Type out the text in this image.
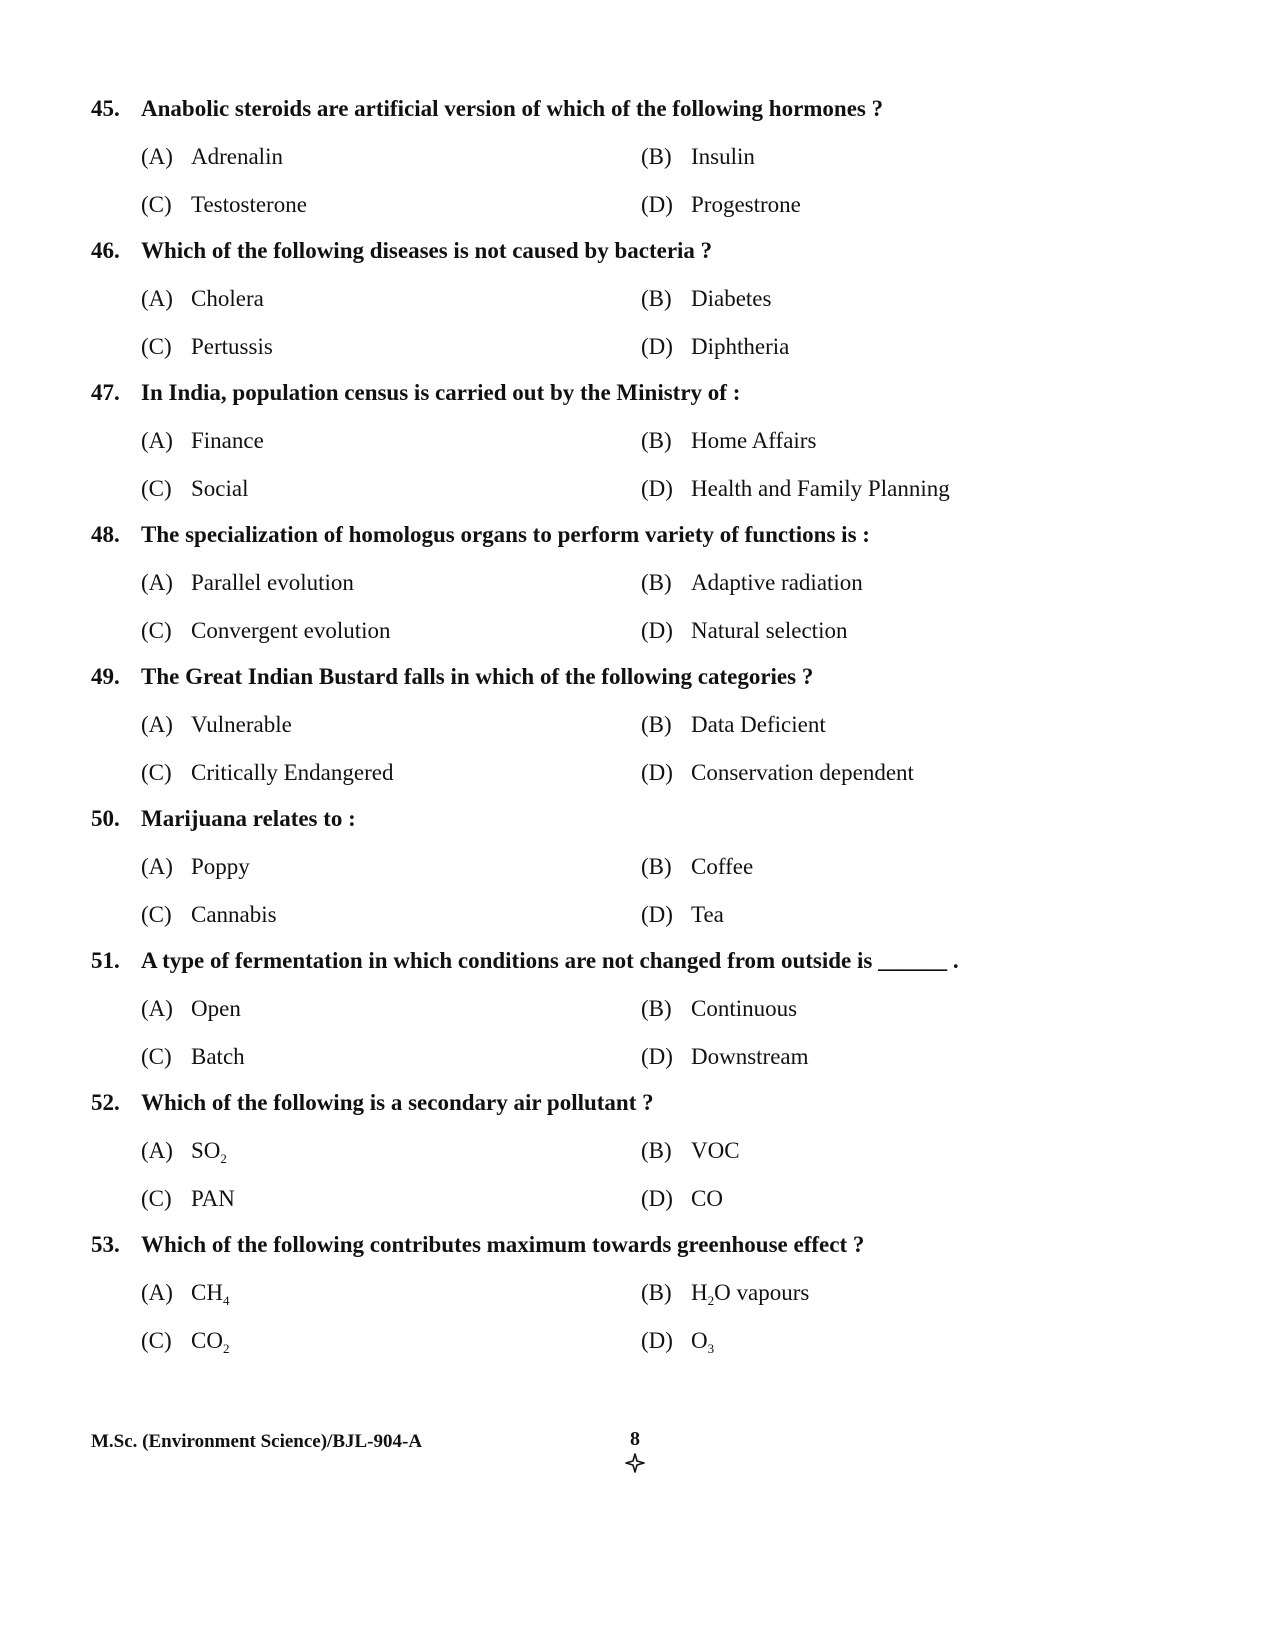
45. Anabolic steroids are artificial version of which of the following hormones ?
(A) Adrenalin	(B) Insulin
(C) Testosterone	(D) Progestrone
46. Which of the following diseases is not caused by bacteria ?
(A) Cholera	(B) Diabetes
(C) Pertussis	(D) Diphtheria
47. In India, population census is carried out by the Ministry of :
(A) Finance	(B) Home Affairs
(C) Social	(D) Health and Family Planning
48. The specialization of homologus organs to perform variety of functions is :
(A) Parallel evolution	(B) Adaptive radiation
(C) Convergent evolution	(D) Natural selection
49. The Great Indian Bustard falls in which of the following categories ?
(A) Vulnerable	(B) Data Deficient
(C) Critically Endangered	(D) Conservation dependent
50. Marijuana relates to :
(A) Poppy	(B) Coffee
(C) Cannabis	(D) Tea
51. A type of fermentation in which conditions are not changed from outside is ______ .
(A) Open	(B) Continuous
(C) Batch	(D) Downstream
52. Which of the following is a secondary air pollutant ?
(A) $SO_2$	(B) VOC
(C) PAN	(D) CO
53. Which of the following contributes maximum towards greenhouse effect ?
(A) $CH_4$	(B) $H_2O$ vapours
(C) $CO_2$	(D) $O_3$
M.Sc. (Environment Science)/BJL-904-A	8
